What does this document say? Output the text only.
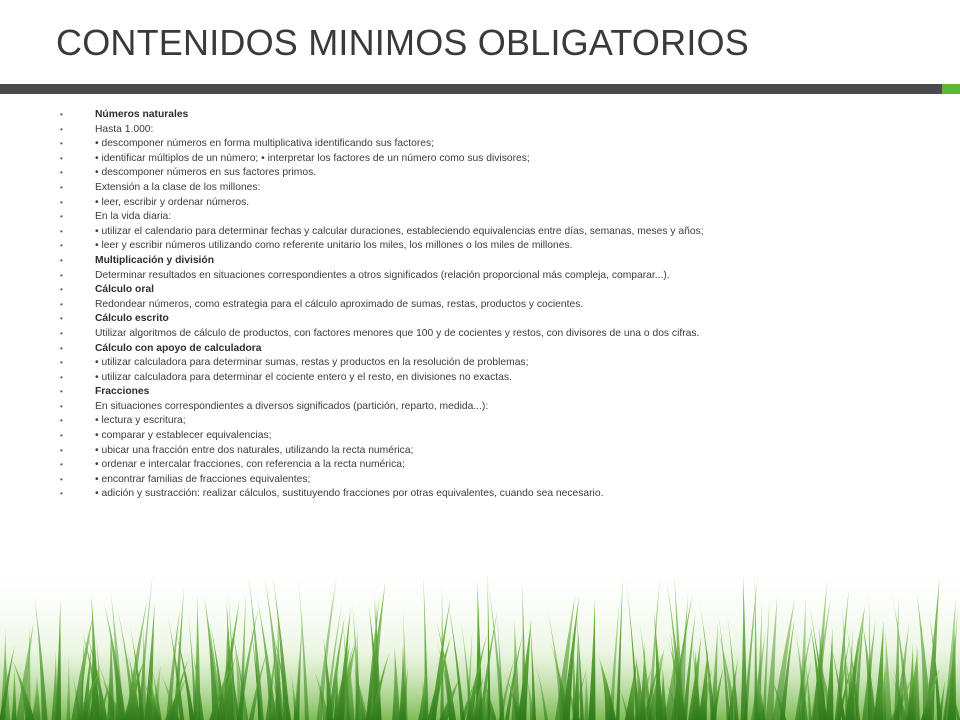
CONTENIDOS MINIMOS OBLIGATORIOS
•	Números naturales
•	Hasta 1.000:
•	• descomponer números en forma multiplicativa identificando sus factores;
•	• identificar múltiplos de un número; • interpretar los factores de un número como sus divisores;
•	• descomponer números en sus factores primos.
•	Extensión a la clase de los millones:
•	• leer, escribir y ordenar números.
•	En la vida diaria:
•	• utilizar el calendario para determinar fechas y calcular duraciones, estableciendo equivalencias entre días, semanas, meses y años;
•	• leer y escribir números utilizando como referente unitario los miles, los millones o los miles de millones.
•	Multiplicación y división
•	Determinar resultados en situaciones correspondientes a otros significados (relación proporcional más compleja, comparar...).
•	Cálculo oral
•	Redondear números, como estrategia para el cálculo aproximado de sumas, restas, productos y cocientes.
•	Cálculo escrito
•	Utilizar algoritmos de cálculo de productos, con factores menores que 100 y de cocientes y restos, con divisores de una o dos cifras.
•	Cálculo con apoyo de calculadora
•	• utilizar calculadora para determinar sumas, restas y productos en la resolución de problemas;
•	• utilizar calculadora para determinar el cociente entero y el resto, en divisiones no exactas.
•	Fracciones
•	En situaciones correspondientes a diversos significados (partición, reparto, medida...):
•	• lectura y escritura;
•	• comparar y establecer equivalencias;
•	• ubicar una fracción entre dos naturales, utilizando la recta numérica;
•	• ordenar e intercalar fracciones, con referencia a la recta numérica;
•	• encontrar familias de fracciones equivalentes;
•	• adición y sustracción: realizar cálculos, sustituyendo fracciones por otras equivalentes, cuando sea necesario.
